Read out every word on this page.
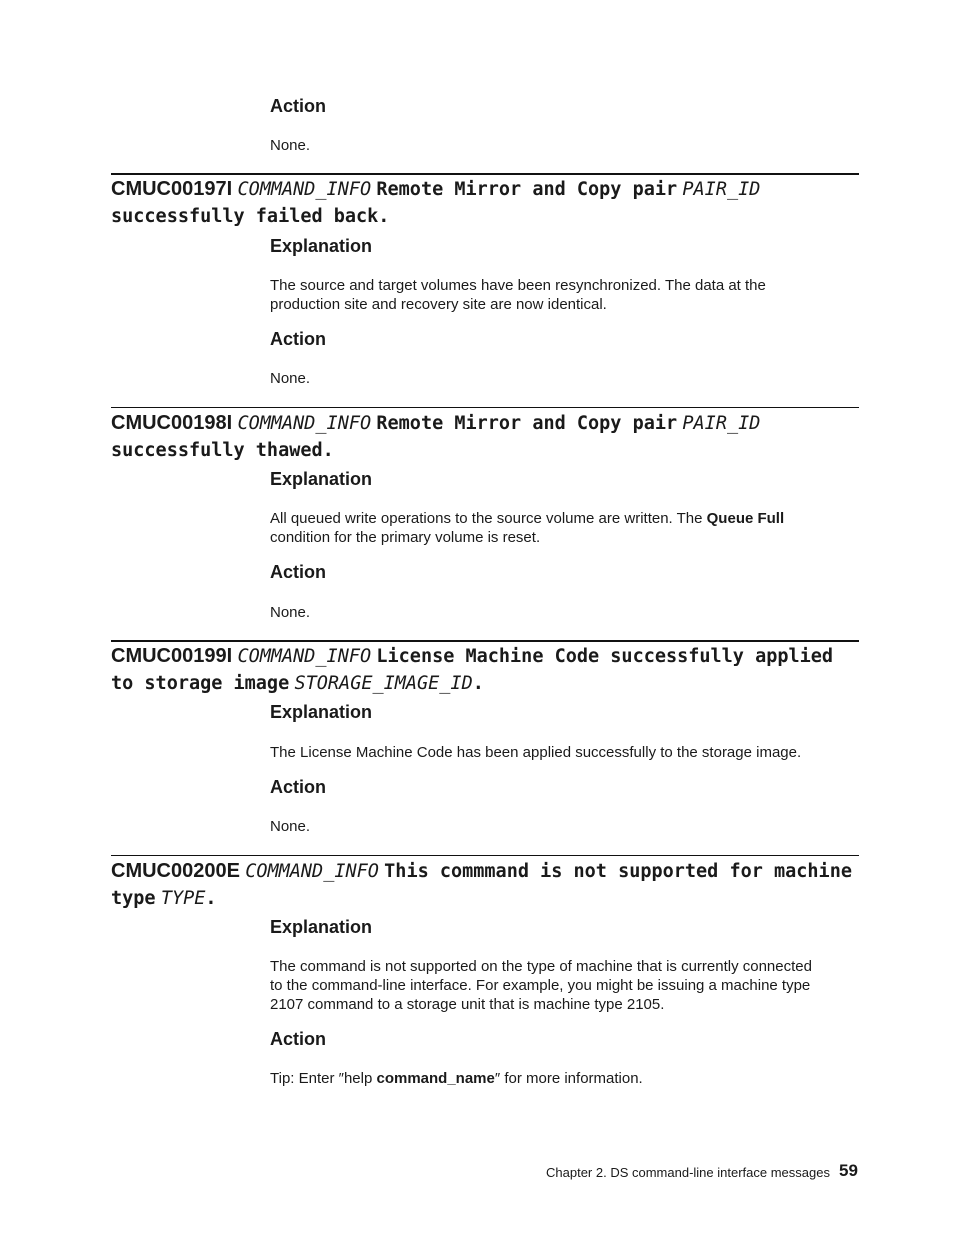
Action
None.
CMUC00197I COMMAND_INFO Remote Mirror and Copy pair PAIR_ID
successfully failed back.
Explanation
The source and target volumes have been resynchronized. The data at the
production site and recovery site are now identical.
Action
None.
CMUC00198I COMMAND_INFO Remote Mirror and Copy pair PAIR_ID
successfully thawed.
Explanation
All queued write operations to the source volume are written. The Queue Full
condition for the primary volume is reset.
Action
None.
CMUC00199I COMMAND_INFO License Machine Code successfully applied
to storage image STORAGE_IMAGE_ID.
Explanation
The License Machine Code has been applied successfully to the storage image.
Action
None.
CMUC00200E COMMAND_INFO This commmand is not supported for machine
type TYPE.
Explanation
The command is not supported on the type of machine that is currently connected
to the command-line interface. For example, you might be issuing a machine type
2107 command to a storage unit that is machine type 2105.
Action
Tip: Enter ″help command_name″ for more information.
Chapter 2. DS command-line interface messages 59
